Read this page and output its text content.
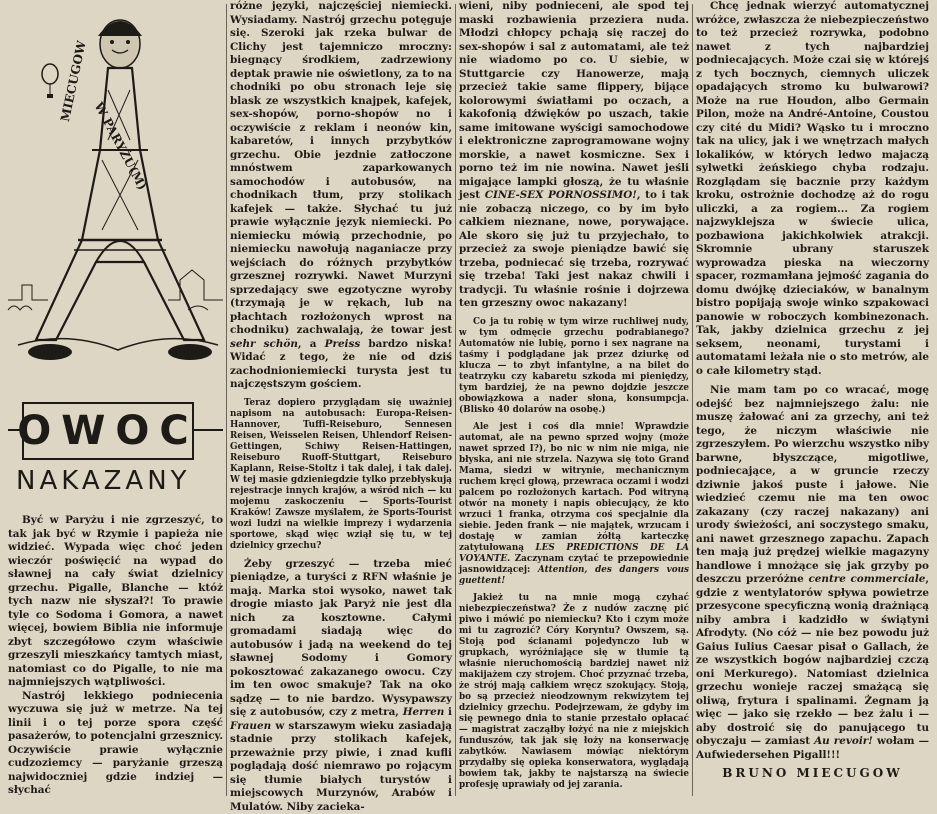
MIECUGOW
W PARYŻU(M)
OWOC
NAKAZANY

Być w Paryżu i nie zgrzeszyć, to tak jak być w Rzymie i papieża nie widzieć. Wypada więc choć jeden wieczór poświęcić na wypad do sławnej na cały świat dzielnicy grzechu. Pigalle, Blanche — któż tych nazw nie słyszał?! To prawie tyle co Sodoma i Gomora, a nawet więcej, bowiem Biblia nie informuje zbyt szczegółowo czym właściwie grzeszyli mieszkańcy tamtych miast, natomiast co do Pigalle, to nie ma najmniejszych wątpliwości.

Nastrój lekkiego podniecenia wyczuwa się już w metrze. Na tej linii i o tej porze spora część pasażerów, to potencjalni grzesznicy. Oczywiście prawie wyłącznie cudzoziemcy — paryżanie grzeszą najwidoczniej gdzie indziej — słychać

różne języki, najczęściej niemiecki. Wysiadamy. Nastrój grzechu potęguje się. Szeroki jak rzeka bulwar de Clichy jest tajemniczo mroczny: biegnący środkiem, zadrzewiony deptak prawie nie oświetlony, za to na chodniki po obu stronach leje się blask ze wszystkich knajpek, kafejek, sex-shopów, porno-shopów no i oczywiście z reklam i neonów kin, kabaretów, i innych przybytków grzechu. Obie jezdnie zatłoczone mnóstwem zaparkowanych samochodów i autobusów, na chodnikach tłum, przy stolikach kafejek — także. Słychać tu już prawie wyłącznie język niemiecki. Po niemiecku mówią przechodnie, po niemiecku nawołują naganiacze przy wejściach do różnych przybytków grzesznej rozrywki. Nawet Murzyni sprzedający swe egzotyczne wyroby (trzymają je w rękach, lub na płachtach rozłożonych wprost na chodniku) zachwalają, że towar jest sehr schön, a Preiss bardzo niska! Widać z tego, że nie od dziś zachodnioniemiecki turysta jest tu najczęstszym gościem.

Teraz dopiero przyglądam się uważniej napisom na autobusach: Europa-Reisen-Hannover, Tuffi-Reiseburo, Sennesen Reisen, Weisselen Reisen, Uhlendorf Reisen-Gettingen, Schiwy Reisen-Hattingen, Reiseburo Ruoff-Stuttgart, Reiseburo Kaplann, Reise-Stoltz i tak dalej, i tak dalej. W tej masie gdzieniegdzie tylko przebłyskują rejestracje innych krajów, a wśród nich — ku mojemu zaskoczeniu — Sports-Tourist Kraków! Zawsze myślałem, że Sports-Tourist wozi ludzi na wielkie imprezy i wydarzenia sportowe, skąd więc wziął się tu, w tej dzielnicy grzechu?

Żeby grzeszyć — trzeba mieć pieniądze, a turyści z RFN właśnie je mają. Marka stoi wysoko, nawet tak drogie miasto jak Paryż nie jest dla nich za kosztowne. Całymi gromadami siadają więc do autobusów i jadą na weekend do tej sławnej Sodomy i Gomory pokosztować zakazanego owocu. Czy im ten owoc smakuje? Tak na oko sądzę — to nie bardzo. Wysypawszy się z autobusów, czy z metra, Herren i Frauen w starszawym wieku zasiadają stadnie przy stolikach kafejek, przeważnie przy piwie, i znad kufli poglądają dość niemrawo po rojącym się tłumie białych turystów i miejscowych Murzynów, Arabów i Mulatów. Niby zacieka-

wieni, niby podnieceni, ale spod tej maski rozbawienia przeziera nuda. Młodzi chłopcy pchają się raczej do sex-shopów i sal z automatami, ale też nie wiadomo po co. U siebie, w Stuttgarcie czy Hanowerze, mają przecież takie same flippery, bijące kolorowymi światłami po oczach, a kakofonią dźwięków po uszach, takie same imitowane wyścigi samochodowe i elektroniczne zaprogramowane wojny morskie, a nawet kosmiczne. Sex i porno też im nie nowina. Nawet jeśli migające lampki głoszą, że tu właśnie jest CINE-SEX PORNOSSIMO!, to i tak nie zobaczą niczego, co by im było całkiem nieznane, nowe, porywające. Ale skoro się już tu przyjechało, to przecież za swoje pieniądze bawić się trzeba, podniecać się trzeba, rozrywać się trzeba! Taki jest nakaz chwili i tradycji. Tu właśnie rośnie i dojrzewa ten grzeszny owoc nakazany!

Co ja tu robię w tym wirze ruchliwej nudy, w tym odmęcie grzechu podrabianego? Automatów nie lubię, porno i sex nagrane na taśmy i podglądane jak przez dziurkę od klucza — to zbyt infantylne, a na bilet do teatrzyku czy kabaretu szkoda mi pieniędzy, tym bardziej, że na pewno dojdzie jeszcze obowiązkowa a nader słona, konsumpcja. (Blisko 40 dolarów na osobę.)

Ale jest i coś dla mnie! Wprawdzie automat, ale na pewno sprzed wojny (może nawet sprzed I?), bo nic w nim nie miga, nie błyska, ani nie strzela. Nazywa się toto Grand Mama, siedzi w witrynie, mechanicznym ruchem kręci głową, przewraca oczami i wodzi palcem po rozłożonych kartach. Pod witryną otwór na monety i napis obiecujący, że kto wrzuci 1 franka, otrzyma coś specjalnie dla siebie. Jeden frank — nie majątek, wrzucam i dostaję w zamian żółtą karteczkę zatytułowaną LES PREDICTIONS DE LA VOYANTE. Zaczynam czytać te przepowiednie jasnowidzącej: Attention, des dangers vous guettent!

Jakież tu na mnie mogą czyhać niebezpieczeństwa? Że z nudów zacznę pić piwo i mówić po niemiecku? Kto i czym może mi tu zagrozić? Córy Koryntu? Owszem, są. Stoją pod ścianami pojedynczo lub w grupkach, wyróżniające się w tłumie tą właśnie nieruchomością bardziej nawet niż makijażem czy strojem. Choć przyznać trzeba, że strój mają całkiem wręcz szokujący. Stoją, bo są przecież nieodzownym rekwizytem tej dzielnicy grzechu. Podejrzewam, że gdyby im się pewnego dnia to stanie przestało opłacać — magistrat zacząłby łożyć na nie z miejskich funduszów, tak jak się łoży na konserwację zabytków. Nawiasem mówiąc niektórym przydałby się opieka konserwatora, wyglądają bowiem tak, jakby te najstarszą na świecie profesję uprawiały od jej zarania.

Chcę jednak wierzyć automatycznej wróżce, zwłaszcza że niebezpieczeństwo to też przecież rozrywka, podobno nawet z tych najbardziej podniecających. Może czai się w którejś z tych bocznych, ciemnych uliczek opadających stromo ku bulwarowi? Może na rue Houdon, albo Germain Pilon, może na André-Antoine, Coustou czy cité du Midi? Wąsko tu i mroczno tak na ulicy, jak i we wnętrzach małych lokalików, w których ledwo majaczą sylwetki żeńskiego chyba rodzaju. Rozglądam się bacznie przy każdym kroku, ostrożnie dochodzę aż do rogu uliczki, a za rogiem... Za rogiem najzwyklejsza w świecie ulica, pozbawiona jakichkolwiek atrakcji. Skromnie ubrany staruszek wyprowadza pieska na wieczorny spacer, rozmamłana jejmość zagania do domu dwójkę dzieciaków, w banalnym bistro popijają swoje winko szpakowaci panowie w roboczych kombinezonach. Tak, jakby dzielnica grzechu z jej seksem, neonami, turystami i automatami leżała nie o sto metrów, ale o całe kilometry stąd.

Nie mam tam po co wracać, mogę odejść bez najmniejszego żalu: nie muszę żałować ani za grzechy, ani też tego, że niczym właściwie nie zgrzeszyłem. Po wierzchu wszystko niby barwne, błyszczące, migotliwe, podniecające, a w gruncie rzeczy dziwnie jakoś puste i jałowe. Nie wiedzieć czemu nie ma ten owoc zakazany (czy raczej nakazany) ani urody świeżości, ani soczystego smaku, ani nawet grzesznego zapachu. Zapach ten mają już prędzej wielkie magazyny handlowe i mnożące się jak grzyby po deszczu przeróżne centre commerciale, gdzie z wentylatorów spływa powietrze przesycone specyficzną wonią drażniącą niby ambra i kadzidło w świątyni Afrodyty. (No cóż — nie bez powodu już Gaius Iulius Caesar pisał o Gallach, że ze wszystkich bogów najbardziej czczą oni Merkurego). Natomiast dzielnica grzechu wonieje raczej smażącą się oliwą, frytura i spalinami. Żegnam ją więc — jako się rzekło — bez żalu i — aby dostroić się do panującego tu obyczaju — zamiast Au revoir! wołam — Aufwiedersehen Pigall!!!

BRUNO MIECUGOW
